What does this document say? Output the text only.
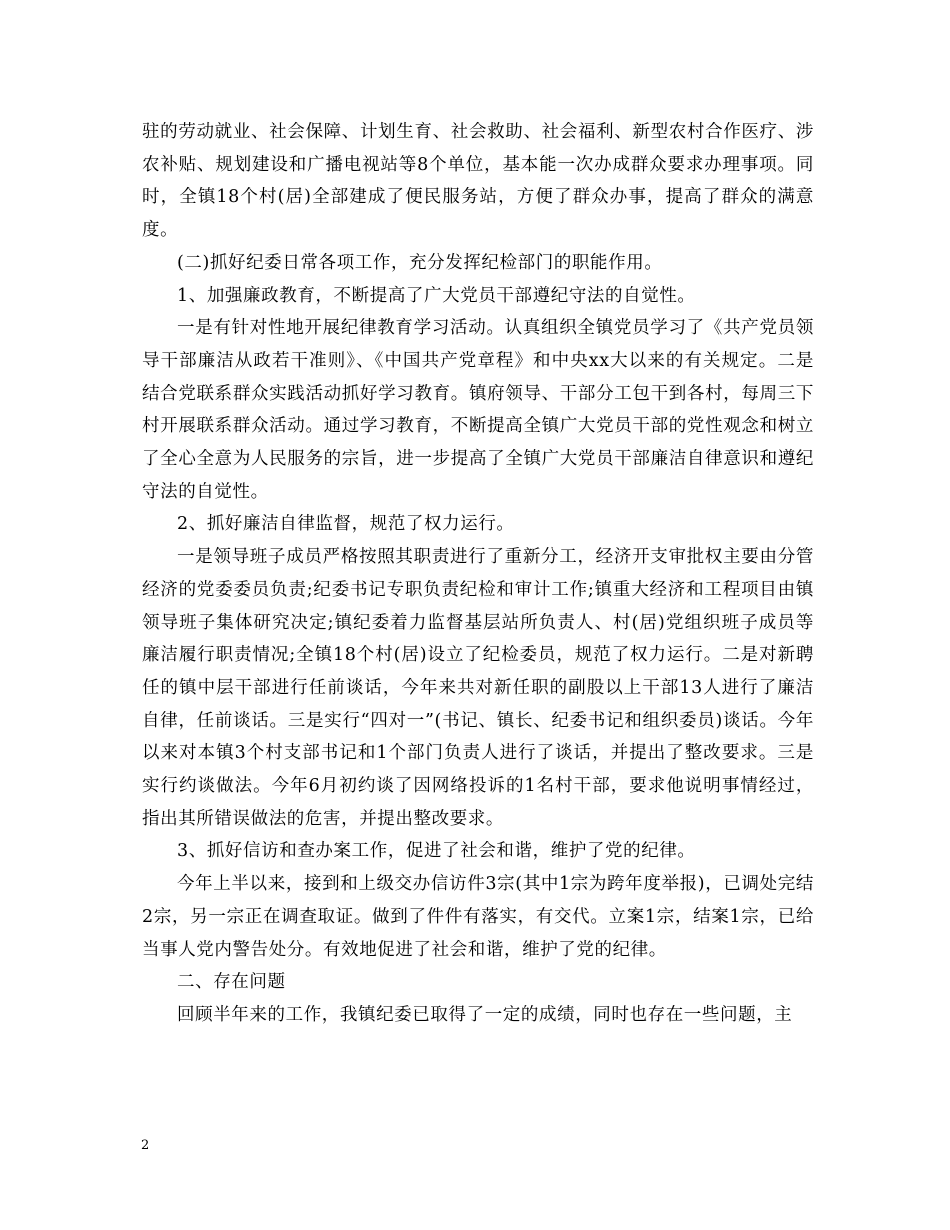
驻的劳动就业、社会保障、计划生育、社会救助、社会福利、新型农村合作医疗、涉农补贴、规划建设和广播电视站等8个单位，基本能一次办成群众要求办理事项。同时，全镇18个村(居)全部建成了便民服务站，方便了群众办事，提高了群众的满意度。

(二)抓好纪委日常各项工作，充分发挥纪检部门的职能作用。

1、加强廉政教育，不断提高了广大党员干部遵纪守法的自觉性。

一是有针对性地开展纪律教育学习活动。认真组织全镇党员学习了《共产党员领导干部廉洁从政若干准则》、《中国共产党章程》和中央xx大以来的有关规定。二是结合党联系群众实践活动抓好学习教育。镇府领导、干部分工包干到各村，每周三下村开展联系群众活动。通过学习教育，不断提高全镇广大党员干部的党性观念和树立了全心全意为人民服务的宗旨，进一步提高了全镇广大党员干部廉洁自律意识和遵纪守法的自觉性。

2、抓好廉洁自律监督，规范了权力运行。

一是领导班子成员严格按照其职责进行了重新分工，经济开支审批权主要由分管经济的党委委员负责;纪委书记专职负责纪检和审计工作;镇重大经济和工程项目由镇领导班子集体研究决定;镇纪委着力监督基层站所负责人、村(居)党组织班子成员等廉洁履行职责情况;全镇18个村(居)设立了纪检委员，规范了权力运行。二是对新聘任的镇中层干部进行任前谈话，今年来共对新任职的副股以上干部13人进行了廉洁自律，任前谈话。三是实行“四对一”(书记、镇长、纪委书记和组织委员)谈话。今年以来对本镇3个村支部书记和1个部门负责人进行了谈话，并提出了整改要求。三是实行约谈做法。今年6月初约谈了因网络投诉的1名村干部，要求他说明事情经过，指出其所错误做法的危害，并提出整改要求。

3、抓好信访和查办案工作，促进了社会和谐，维护了党的纪律。

今年上半以来，接到和上级交办信访件3宗(其中1宗为跨年度举报)，已调处完结2宗，另一宗正在调查取证。做到了件件有落实，有交代。立案1宗，结案1宗，已给当事人党内警告处分。有效地促进了社会和谐，维护了党的纪律。

二、存在问题

回顾半年来的工作，我镇纪委已取得了一定的成绩，同时也存在一些问题，主

2
